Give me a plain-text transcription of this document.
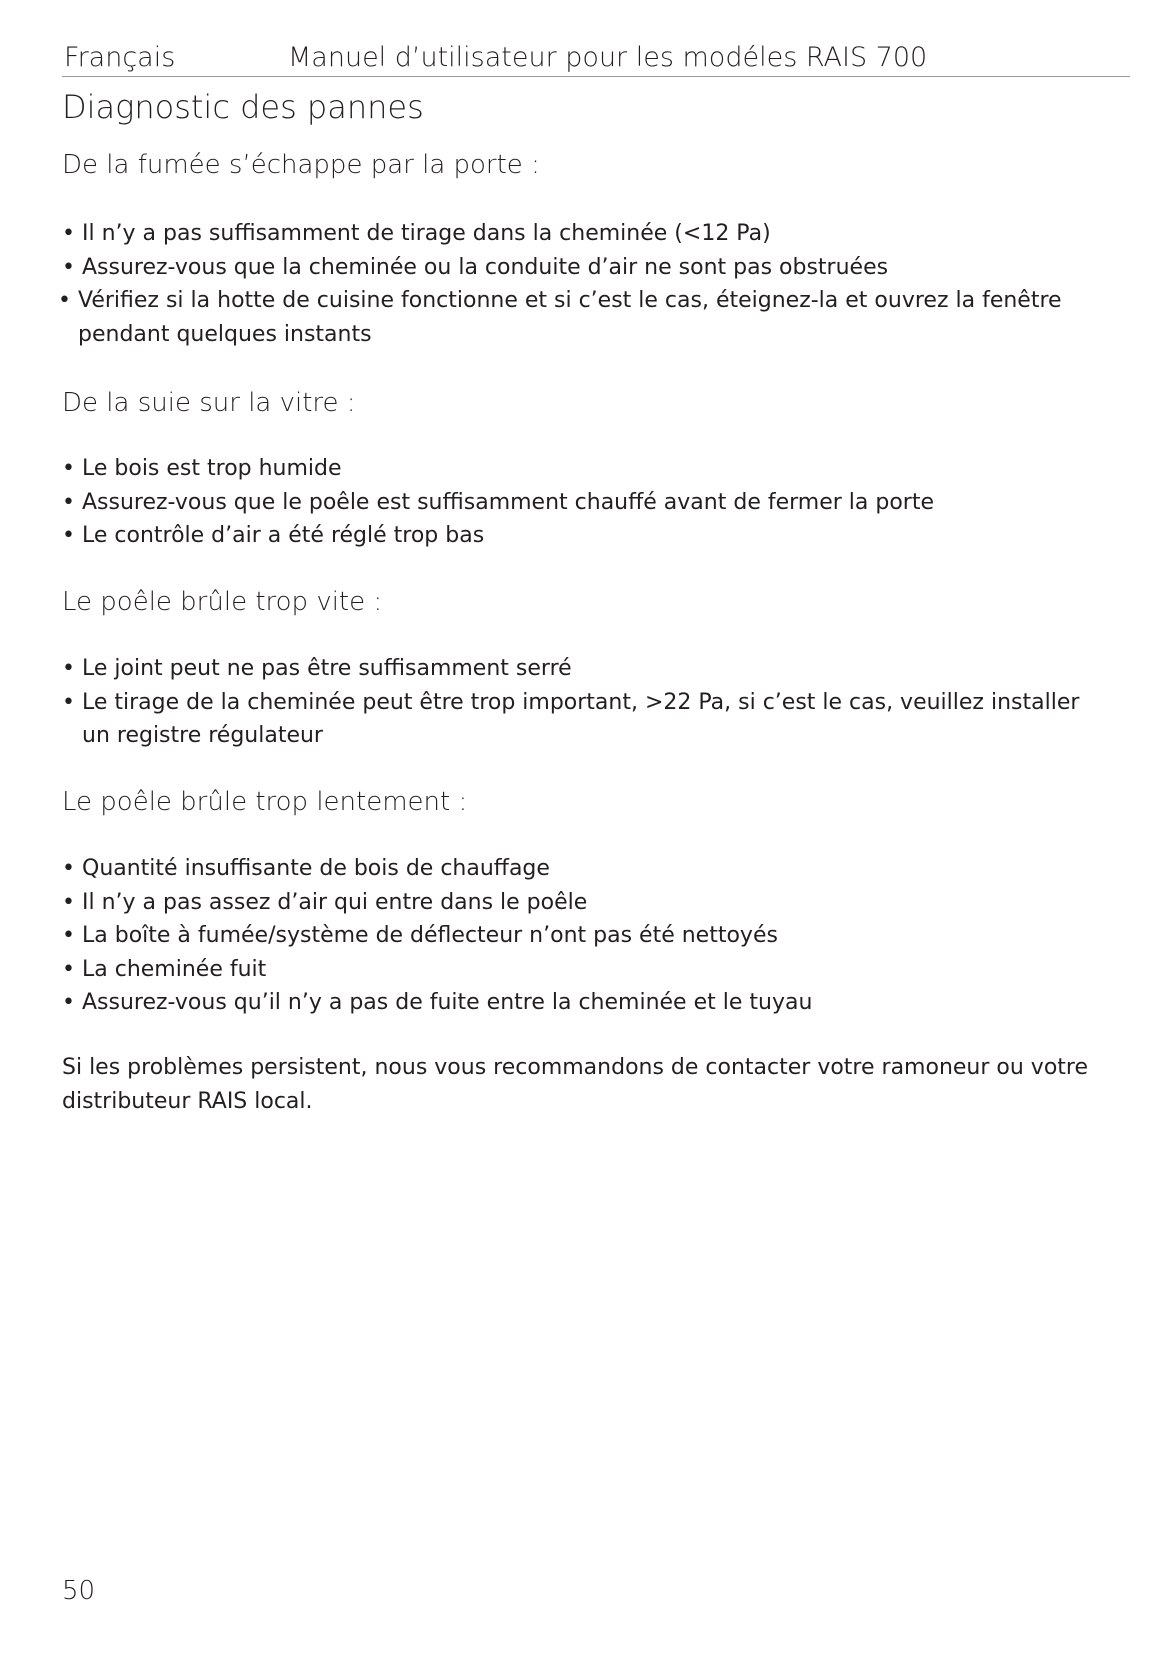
Français	Manuel d’utilisateur pour les modéles RAIS 700
Diagnostic des pannes
De la fumée s’échappe par la porte :
• Il n’y a pas suffisamment de tirage dans la cheminée (<12 Pa)
• Assurez-vous que la cheminée ou la conduite d’air ne sont pas obstruées
• Vérifiez si la hotte de cuisine fonctionne et si c’est le cas, éteignez-la et ouvrez la fenêtre pendant quelques instants
De la suie sur la vitre :
• Le bois est trop humide
• Assurez-vous que le poêle est suffisamment chauffé avant de fermer la porte
• Le contrôle d’air a été réglé trop bas
Le poêle brûle trop vite :
• Le joint peut ne pas être suffisamment serré
• Le tirage de la cheminée peut être trop important, >22 Pa, si c’est le cas, veuillez installer un registre régulateur
Le poêle brûle trop lentement :
• Quantité insuffisante de bois de chauffage
• Il n’y a pas assez d’air qui entre dans le poêle
• La boîte à fumée/système de déflecteur n’ont pas été nettoyés
• La cheminée fuit
• Assurez-vous qu’il n’y a pas de fuite entre la cheminée et le tuyau

Si les problèmes persistent, nous vous recommandons de contacter votre ramoneur ou votre distributeur RAIS local.

50
